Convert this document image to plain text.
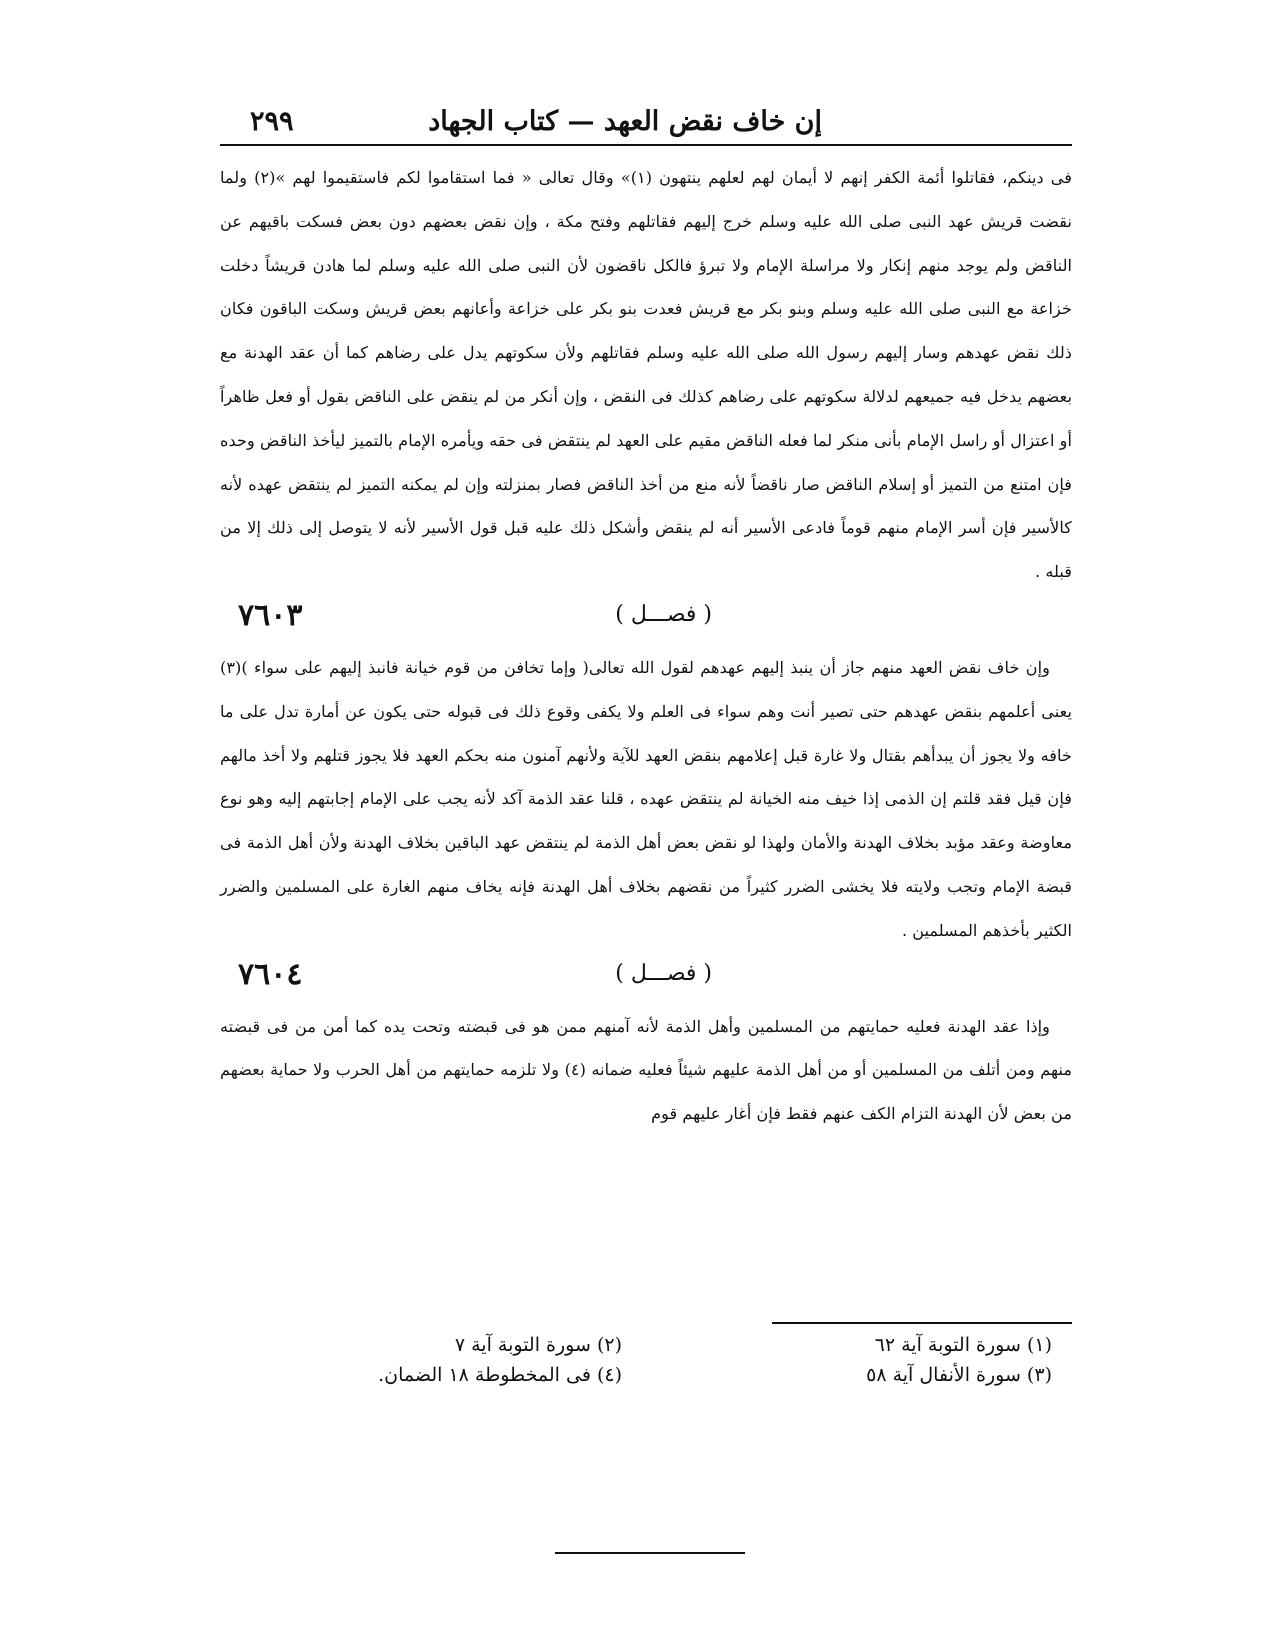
إن خاف نقض العهد — كتاب الجهاد
٢٩٩

فى دينكم، فقاتلوا أئمة الكفر إنهم لا أيمان لهم لعلهم ينتهون (١)» وقال تعالى « فما استقاموا لكم فاستقيموا لهم »(٢) ولما نقضت قريش عهد النبى صلى الله عليه وسلم خرج إليهم فقاتلهم وفتح مكة ، وإن نقض بعضهم دون بعض فسكت باقيهم عن الناقض ولم يوجد منهم إنكار ولا مراسلة الإمام ولا تبرؤ فالكل ناقضون لأن النبى صلى الله عليه وسلم لما هادن قريشاً دخلت خزاعة مع النبى صلى الله عليه وسلم وبنو بكر مع قريش فعدت بنو بكر على خزاعة وأعانهم بعض قريش وسكت الباقون فكان ذلك نقض عهدهم وسار إليهم رسول الله صلى الله عليه وسلم فقاتلهم ولأن سكوتهم يدل على رضاهم كما أن عقد الهدنة مع بعضهم يدخل فيه جميعهم لدلالة سكوتهم على رضاهم كذلك فى النقض ، وإن أنكر من لم ينقض على الناقض بقول أو فعل ظاهراً أو اعتزال أو راسل الإمام بأنى منكر لما فعله الناقض مقيم على العهد لم ينتقض فى حقه ويأمره الإمام بالتميز ليأخذ الناقض وحده فإن امتنع من التميز أو إسلام الناقض صار ناقضاً لأنه منع من أخذ الناقض فصار بمنزلته وإن لم يمكنه التميز لم ينتقض عهده لأنه كالأسير فإن أسر الإمام منهم قوماً فادعى الأسير أنه لم ينقض وأشكل ذلك عليه قبل قول الأسير لأنه لا يتوصل إلى ذلك إلا من قبله .

٧٦٠٣	( فصـــل )

وإن خاف نقض العهد منهم جاز أن ينبذ إليهم عهدهم لقول الله تعالى( وإما تخافن من قوم خيانة فانبذ إليهم على سواء )(٣) يعنى أعلمهم بنقض عهدهم حتى تصير أنت وهم سواء فى العلم ولا يكفى وقوع ذلك فى قبوله حتى يكون عن أمارة تدل على ما خافه ولا يجوز أن يبدأهم بقتال ولا غارة قبل إعلامهم بنقض العهد للآية ولأنهم آمنون منه بحكم العهد فلا يجوز قتلهم ولا أخذ مالهم فإن قيل فقد قلتم إن الذمى إذا خيف منه الخيانة لم ينتقض عهده ، قلنا عقد الذمة آكد لأنه يجب على الإمام إجابتهم إليه وهو نوع معاوضة وعقد مؤبد بخلاف الهدنة والأمان ولهذا لو نقض بعض أهل الذمة لم ينتقض عهد الباقين بخلاف الهدنة ولأن أهل الذمة فى قبضة الإمام وتجب ولايته فلا يخشى الضرر كثيراً من نقضهم بخلاف أهل الهدنة فإنه يخاف منهم الغارة على المسلمين والضرر الكثير بأخذهم المسلمين .

٧٦٠٤	( فصـــل )

وإذا عقد الهدنة فعليه حمايتهم من المسلمين وأهل الذمة لأنه آمنهم ممن هو فى قبضته وتحت يده كما أمن من فى قبضته منهم ومن أتلف من المسلمين أو من أهل الذمة عليهم شيئاً فعليه ضمانه (٤) ولا تلزمه حمايتهم من أهل الحرب ولا حماية بعضهم من بعض لأن الهدنة التزام الكف عنهم فقط فإن أغار عليهم قوم

(١) سورة التوبة آية ٦٢
(٢) سورة التوبة آية ٧
(٣) سورة الأنفال آية ٥٨
(٤) فى المخطوطة ١٨ الضمان.
